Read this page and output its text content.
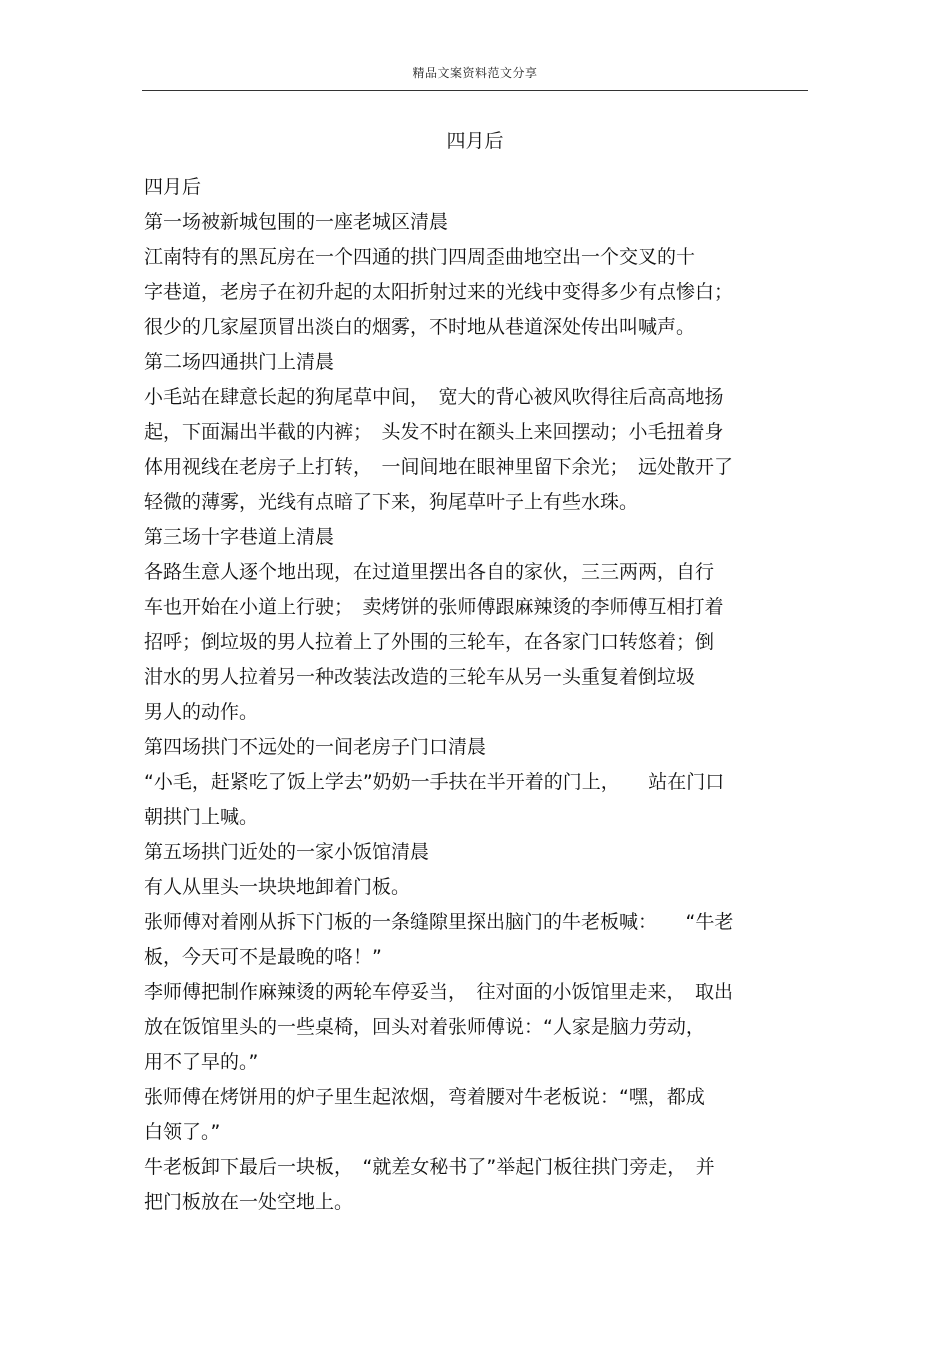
精品文案资料范文分享
四月后
四月后
第一场被新城包围的一座老城区清晨
江南特有的黑瓦房在一个四通的拱门四周歪曲地空出一个交叉的十
字巷道，老房子在初升起的太阳折射过来的光线中变得多少有点惨白；
很少的几家屋顶冒出淡白的烟雾，不时地从巷道深处传出叫喊声。
第二场四通拱门上清晨
小毛站在肆意长起的狗尾草中间，　宽大的背心被风吹得往后高高地扬
起，下面漏出半截的内裤；　头发不时在额头上来回摆动；小毛扭着身
体用视线在老房子上打转，　一间间地在眼神里留下余光；　远处散开了
轻微的薄雾，光线有点暗了下来，狗尾草叶子上有些水珠。
第三场十字巷道上清晨
各路生意人逐个地出现，在过道里摆出各自的家伙，三三两两，自行
车也开始在小道上行驶；　卖烤饼的张师傅跟麻辣烫的李师傅互相打着
招呼；倒垃圾的男人拉着上了外围的三轮车，在各家门口转悠着；倒
泔水的男人拉着另一种改装法改造的三轮车从另一头重复着倒垃圾
男人的动作。
第四场拱门不远处的一间老房子门口清晨
“小毛，赶紧吃了饭上学去”奶奶一手扶在半开着的门上，　　站在门口
朝拱门上喊。
第五场拱门近处的一家小饭馆清晨
有人从里头一块块地卸着门板。
张师傅对着刚从拆下门板的一条缝隙里探出脑门的牛老板喊：　　“牛老
板，今天可不是最晚的咯！”
李师傅把制作麻辣烫的两轮车停妥当，　往对面的小饭馆里走来，　取出
放在饭馆里头的一些桌椅，回头对着张师傅说：“人家是脑力劳动，
用不了早的。”
张师傅在烤饼用的炉子里生起浓烟，弯着腰对牛老板说：“嘿，都成
白领了。”
牛老板卸下最后一块板，　“就差女秘书了”举起门板往拱门旁走，　并
把门板放在一处空地上。
